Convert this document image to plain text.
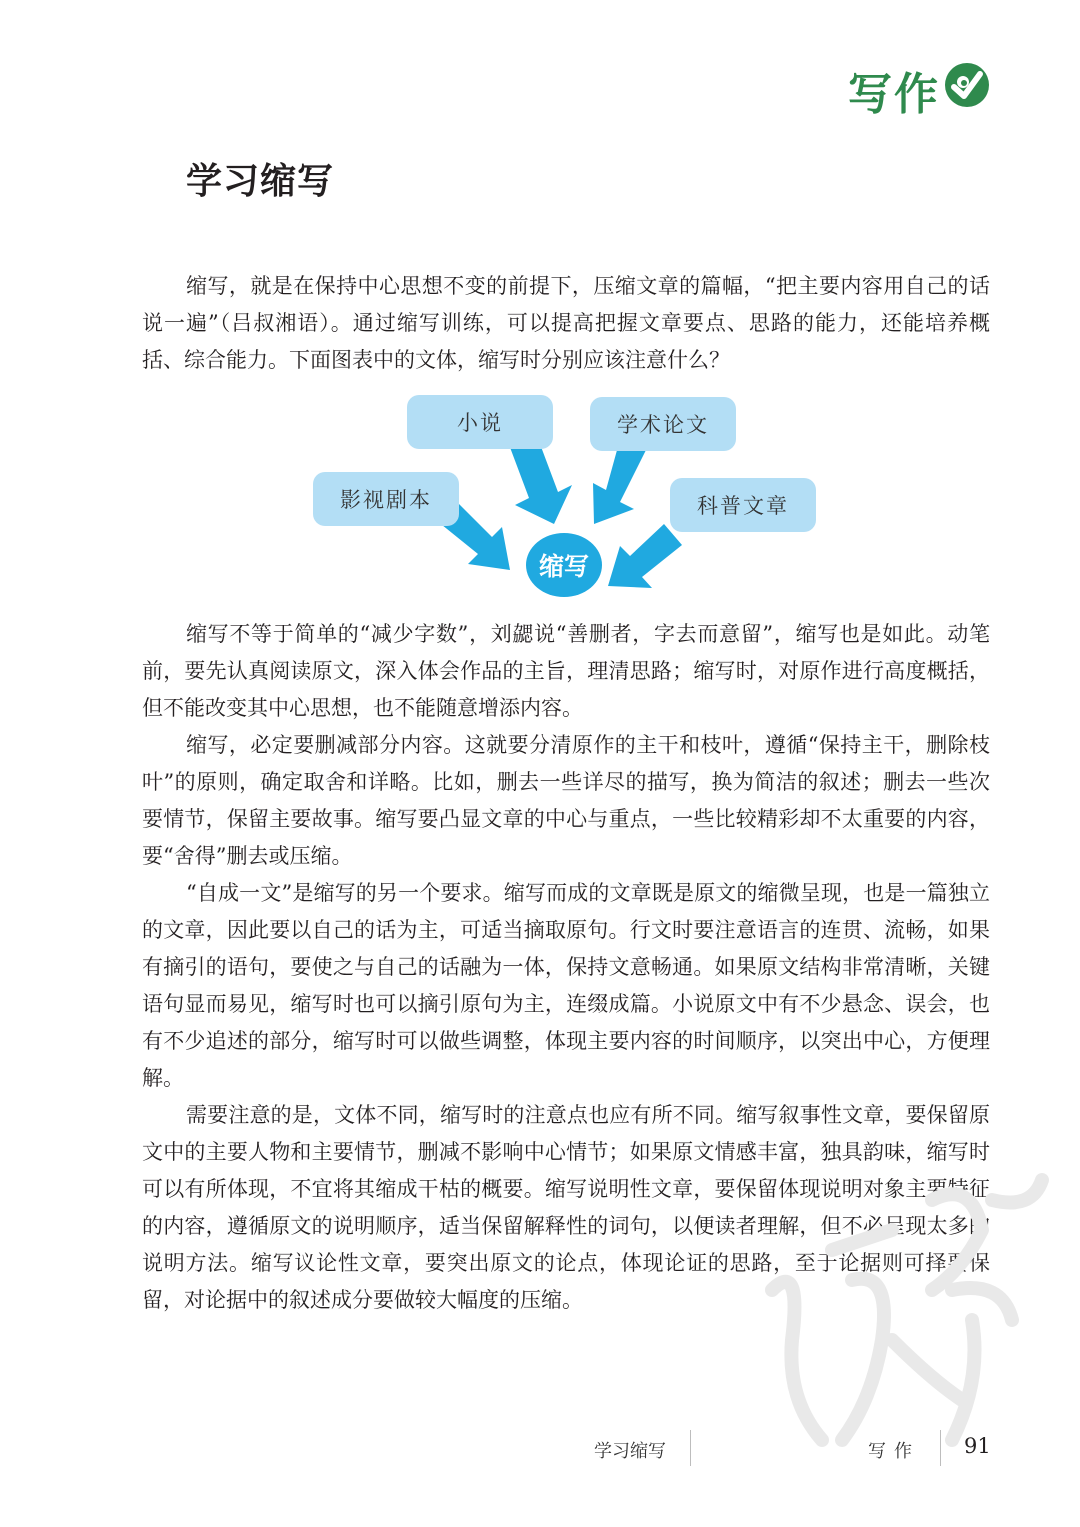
写作
学习缩写

缩写，就是在保持中心思想不变的前提下，压缩文章的篇幅，“把主要内容用自己的话说一遍”（吕叔湘语）。通过缩写训练，可以提高把握文章要点、思路的能力，还能培养概括、综合能力。下面图表中的文体，缩写时分别应该注意什么？

小说	学术论文
影视剧本	科普文章
缩写

缩写不等于简单的“减少字数”，刘勰说“善删者，字去而意留”，缩写也是如此。动笔前，要先认真阅读原文，深入体会作品的主旨，理清思路；缩写时，对原作进行高度概括，但不能改变其中心思想，也不能随意增添内容。

缩写，必定要删减部分内容。这就要分清原作的主干和枝叶，遵循“保持主干，删除枝叶”的原则，确定取舍和详略。比如，删去一些详尽的描写，换为简洁的叙述；删去一些次要情节，保留主要故事。缩写要凸显文章的中心与重点，一些比较精彩却不太重要的内容，要“舍得”删去或压缩。

“自成一文”是缩写的另一个要求。缩写而成的文章既是原文的缩微呈现，也是一篇独立的文章，因此要以自己的话为主，可适当摘取原句。行文时要注意语言的连贯、流畅，如果有摘引的语句，要使之与自己的话融为一体，保持文意畅通。如果原文结构非常清晰，关键语句显而易见，缩写时也可以摘引原句为主，连缀成篇。小说原文中有不少悬念、误会，也有不少追述的部分，缩写时可以做些调整，体现主要内容的时间顺序，以突出中心，方便理解。

需要注意的是，文体不同，缩写时的注意点也应有所不同。缩写叙事性文章，要保留原文中的主要人物和主要情节，删减不影响中心情节；如果原文情感丰富，独具韵味，缩写时可以有所体现，不宜将其缩成干枯的概要。缩写说明性文章，要保留体现说明对象主要特征的内容，遵循原文的说明顺序，适当保留解释性的词句，以便读者理解，但不必呈现太多的说明方法。缩写议论性文章，要突出原文的论点，体现论证的思路，至于论据则可择要保留，对论据中的叙述成分要做较大幅度的压缩。

学习缩写	写作 91
